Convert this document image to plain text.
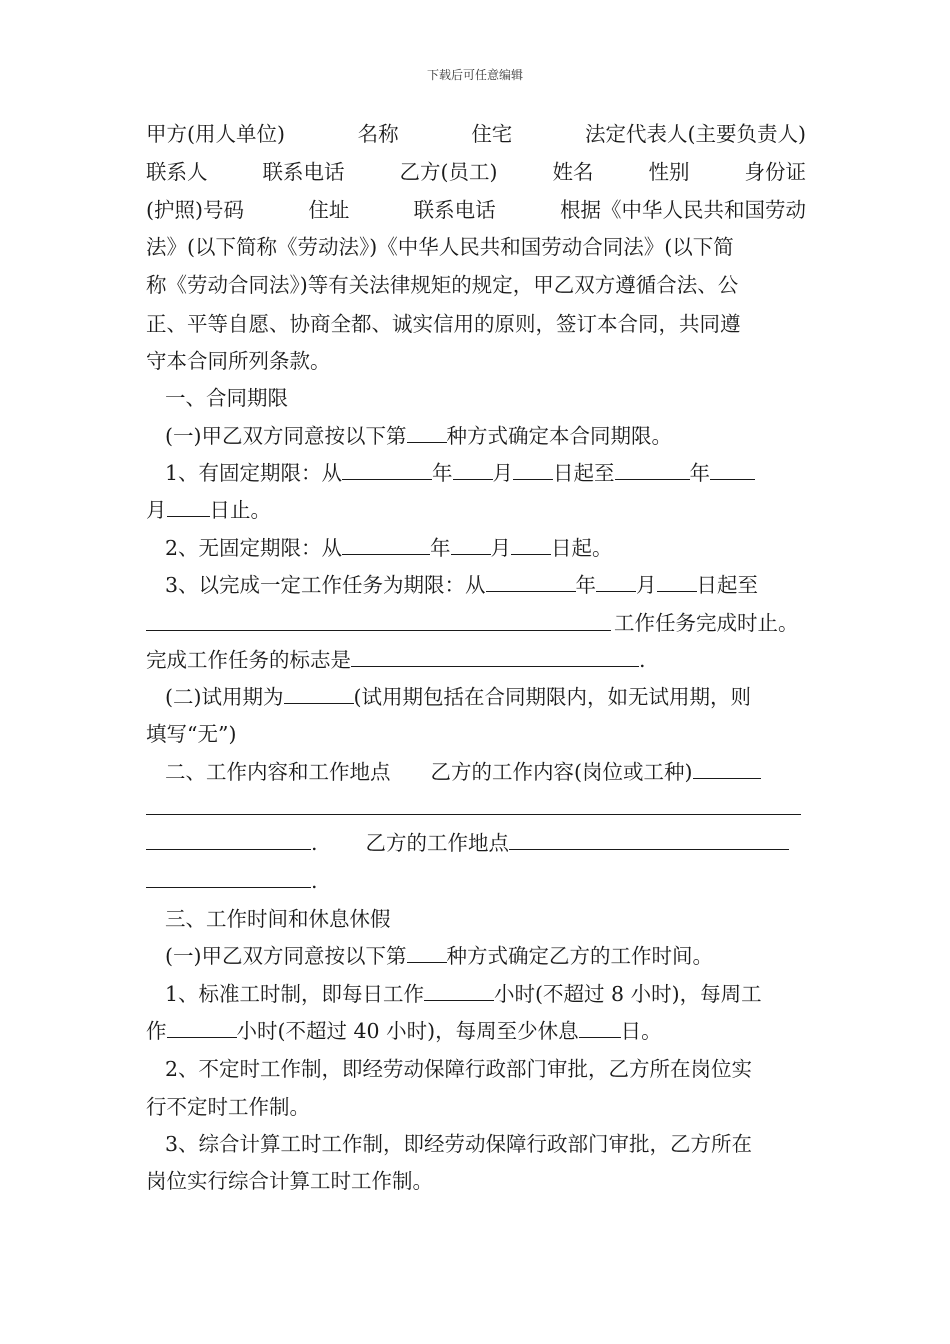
下载后可任意编辑
甲方(用人单位)	名称	住宅	法定代表人(主要负责人)
联系人	联系电话	乙方(员工)	姓名	性别	身份证
(护照)号码	住址	联系电话	根据《中华人民共和国劳动
法》(以下简称《劳动法》)《中华人民共和国劳动合同法》(以下简
称《劳动合同法》)等有关法律规矩的规定，甲乙双方遵循合法、公
正、平等自愿、协商全都、诚实信用的原则，签订本合同，共同遵
守本合同所列条款。
一、合同期限
(一)甲乙双方同意按以下第 种方式确定本合同期限。
1、有固定期限：从	年 月 日起至	年
月 日止。
2、无固定期限：从	年 月 日起。
3、以完成一定工作任务为期限：从	年 月 日起至
工作任务完成时止。
完成工作任务的标志是	.
(二)试用期为	(试用期包括在合同期限内，如无试用期，则
填写“无”)
二、工作内容和工作地点 乙方的工作内容(岗位或工种)
. 乙方的工作地点
.
三、工作时间和休息休假
(一)甲乙双方同意按以下第 种方式确定乙方的工作时间。
1、标准工时制，即每日工作	小时(不超过 8 小时)，每周工
作	小时(不超过 40 小时)，每周至少休息 日。
2、不定时工作制，即经劳动保障行政部门审批，乙方所在岗位实
行不定时工作制。
3、综合计算工时工作制，即经劳动保障行政部门审批，乙方所在
岗位实行综合计算工时工作制。
